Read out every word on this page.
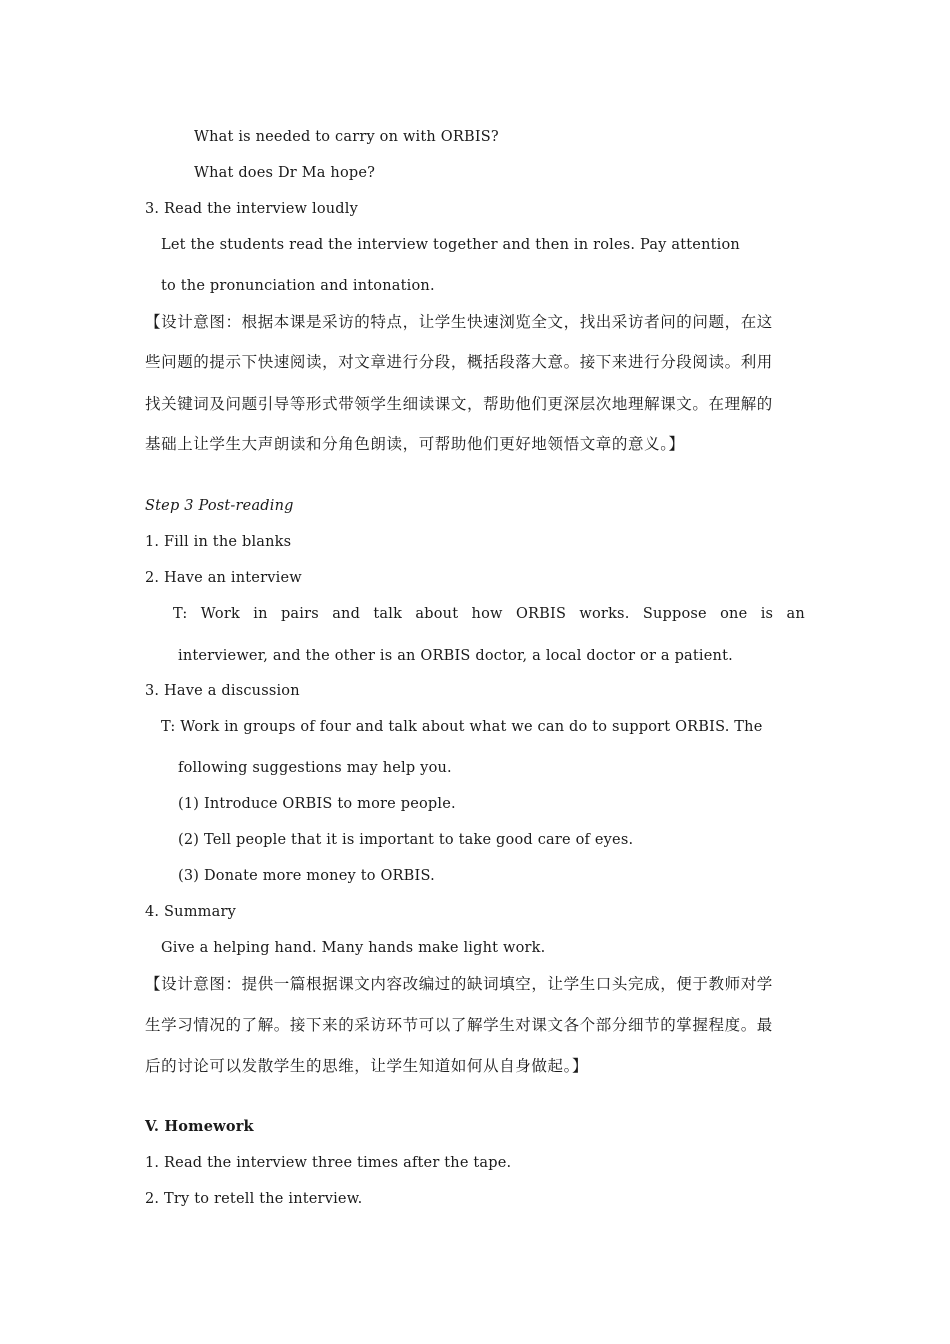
What is needed to carry on with ORBIS?
What does Dr Ma hope?
3. Read the interview loudly
Let the students read the interview together and then in roles. Pay attention
to the pronunciation and intonation.
【设计意图：根据本课是采访的特点，让学生快速浏览全文，找出采访者问的问题，在这
些问题的提示下快速阅读，对文章进行分段，概括段落大意。接下来进行分段阅读。利用
找关键词及问题引导等形式带领学生细读课文，帮助他们更深层次地理解课文。在理解的
基础上让学生大声朗读和分角色朗读，可帮助他们更好地领悟文章的意义。】
Step 3 Post-reading
1. Fill in the blanks
2. Have an interview
T: Work in pairs and talk about how ORBIS works. Suppose one is an
interviewer, and the other is an ORBIS doctor, a local doctor or a patient.
3. Have a discussion
T: Work in groups of four and talk about what we can do to support ORBIS. The
following suggestions may help you.
(1) Introduce ORBIS to more people.
(2) Tell people that it is important to take good care of eyes.
(3) Donate more money to ORBIS.
4. Summary
Give a helping hand. Many hands make light work.
【设计意图：提供一篇根据课文内容改编过的缺词填空，让学生口头完成，便于教师对学
生学习情况的了解。接下来的采访环节可以了解学生对课文各个部分细节的掌握程度。最
后的讨论可以发散学生的思维，让学生知道如何从自身做起。】
V. Homework
1. Read the interview three times after the tape.
2. Try to retell the interview.
